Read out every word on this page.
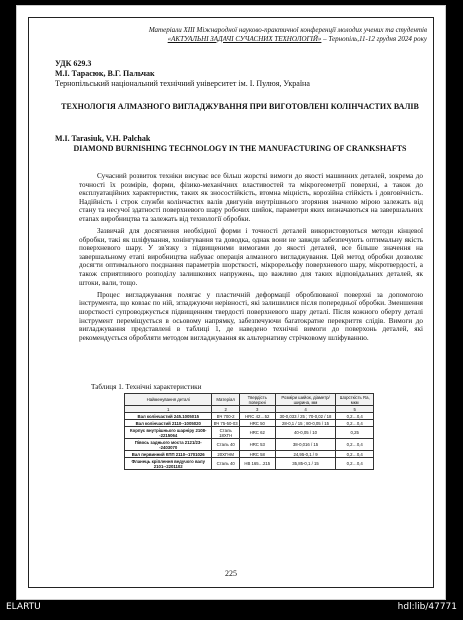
Матеріали XIII Міжнародної науково-практичної конференції молодих учених та студентів
«АКТУАЛЬНІ ЗАДАЧІ СУЧАСНИХ ТЕХНОЛОГІЙ» – Тернопіль,11-12 грудня 2024 року
УДК 629.3
М.І. Тарасюк, В.Г. Пальчак
Тернопільський національний технічний університет ім. І. Пулюя, Україна
ТЕХНОЛОГІЯ АЛМАЗНОГО ВИГЛАДЖУВАННЯ ПРИ ВИГОТОВЛЕНІ КОЛІНЧАСТИХ ВАЛІВ
M.I. Tarasiuk, V.H. Palchak
DIAMOND BURNISHING TECHNOLOGY IN THE MANUFACTURING OF CRANKSHAFTS

Сучасний розвиток техніки висуває все більш жорсткі вимоги до якості машинних деталей, зокрема до точності їх розмірів, форми, фізико-механічних властивостей та мікрогеометрії поверхні, а також до експлуатаційних характеристик, таких як зносостійкість, втомна міцність, корозійна стійкість і довговічність. Надійність і строк служби колінчастих валів двигунів внутрішнього згоряння значною мірою залежать від стану та несучої здатності поверхневого шару робочих шийок, параметри яких визначаються на завершальних етапах виробництва та залежать від технології обробки.

Зазвичай для досягнення необхідної форми і точності деталей використовуються методи кінцевої обробки, такі як шліфування, хонінгування та доводка, однак вони не завжди забезпечують оптимальну якість поверхневого шару. У зв'язку з підвищеними вимогами до якості деталей, все більше значення на завершальному етапі виробництва набуває операція алмазного вигладжування. Цей метод обробки дозволяє досягти оптимального поєднання параметрів шорсткості, мікрорельєфу поверхневого шару, мікротвердості, а також сприятливого розподілу залишкових напружень, що важливо для таких відповідальних деталей, як штоки, вали, тощо.

Процес вигладжування полягає у пластичній деформації оброблюваної поверхні за допомогою інструмента, що ковзає по ній, згладжуючи нерівності, які залишилися після попередньої обробки. Зменшення шорсткості супроводжується підвищенням твердості поверхневого шару деталі. Після кожного оберту деталі інструмент переміщується в осьовому напрямку, забезпечуючи багатократне перекриття слідів. Вимоги до вигладжування представлені в таблиці 1, де наведено технічні вимоги до поверхонь деталей, які рекомендується обробляти методом вигладжування як альтернативу стрічковому шліфуванню.

Таблиця 1. Технічні характеристики
Найменування деталі	Матеріал	Твердість поверхні	Розміри шийок, діаметр/ширина, мм	Шорсткість Ra, мкм
1	2	3	4	5
Вал колінчастий 245.1005015	ВЧ 700-2	HRC 42…52	30-0,033 / 25 ; 70-0,02 / 18	0,2…0,4
Вал колінчастий 2110--1005020	ВЧ 75-50-03	HRC 50	28-0,1 / 15 ; 80-0,05 / 15	0,2…0,4
Корпус внутрішнього шарніру 2108--2215064	Сталь 18ХГН	HRC 62	40-0,05 / 10	0,25
Півось заднього моста 2121/23--2403070	Сталь 40	HRC 53	38-0,016 / 15	0,2…0,4
Вал первинний КПП 2110--1701026	20ХГНМ	HRC 58	24,95-0,1 / 9	0,2…0,4
Фланець кріплення ведучого валу 2101--2201102	Сталь 40	НВ 165…215	35,85-0,1 / 15	0,2…0,4
225
ELARTU	hdl:lib/47771
